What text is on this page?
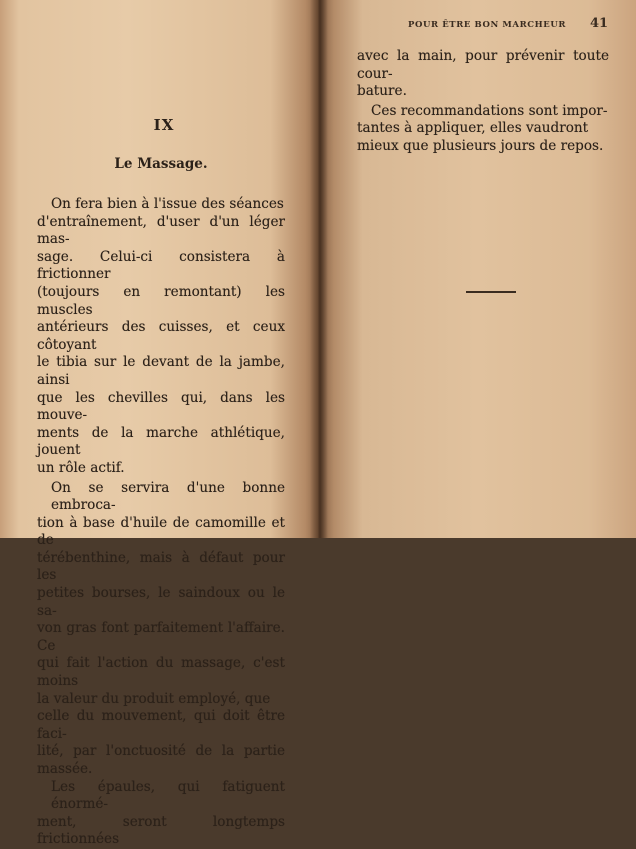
IX
Le Massage.

On fera bien à l'issue des séances

d'entraînement, d'user d'un léger mas-

sage. Celui-ci consistera à frictionner

(toujours en remontant) les muscles

antérieurs des cuisses, et ceux côtoyant

le tibia sur le devant de la jambe, ainsi

que les chevilles qui, dans les mouve-

ments de la marche athlétique, jouent

un rôle actif.

On se servira d'une bonne embroca-

tion à base d'huile de camomille et de

térébenthine, mais à défaut pour les

petites bourses, le saindoux ou le sa-

von gras font parfaitement l'affaire. Ce

qui fait l'action du massage, c'est moins

la valeur du produit employé, que

celle du mouvement, qui doit être faci-

lité, par l'onctuosité de la partie massée.

Les épaules, qui fatiguent énormé-

ment, seront longtemps frictionnées

POUR ÊTRE BON MARCHEUR 41

avec la main, pour prévenir toute cour-

bature.

Ces recommandations sont impor-

tantes à appliquer, elles vaudront

mieux que plusieurs jours de repos.
